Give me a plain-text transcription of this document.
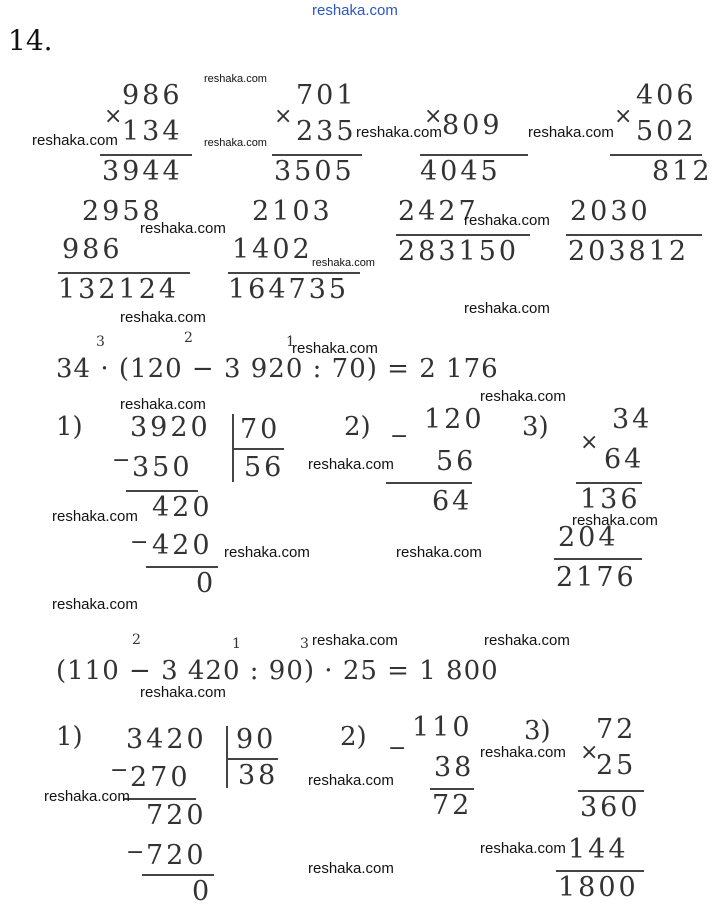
reshaka.com
14.
986
× 134
3944
2958
986
132124
701
× 235
3505
2103
1402
164735
809
×
4045
2427
283150
406
× 502
812
2030
203812
3	2	1
34 · (120 − 3 920 : 70) = 2 176
1) 3920 70
56
− 350
420
− 420
0
2) 120
−
56
64
3) 34
×
64
136
204
2176
2	1	3
(110 − 3 420 : 90) · 25 = 1 800
1) 3420 90
38
− 270
720
− 720
0
2) 110
−
38
72
3) 72
×
25
360
144
1800
reshaka.com
reshaka.com
reshaka.com
reshaka.com	reshaka.com	reshaka.com
reshaka.com	reshaka.com
reshaka.com
reshaka.com
reshaka.com
reshaka.com	reshaka.com
reshaka.com
reshaka.com	reshaka.com
reshaka.com	reshaka.com
reshaka.com
reshaka.com	reshaka.com
reshaka.com
reshaka.com
reshaka.com
reshaka.com
reshaka.com
reshaka.com
